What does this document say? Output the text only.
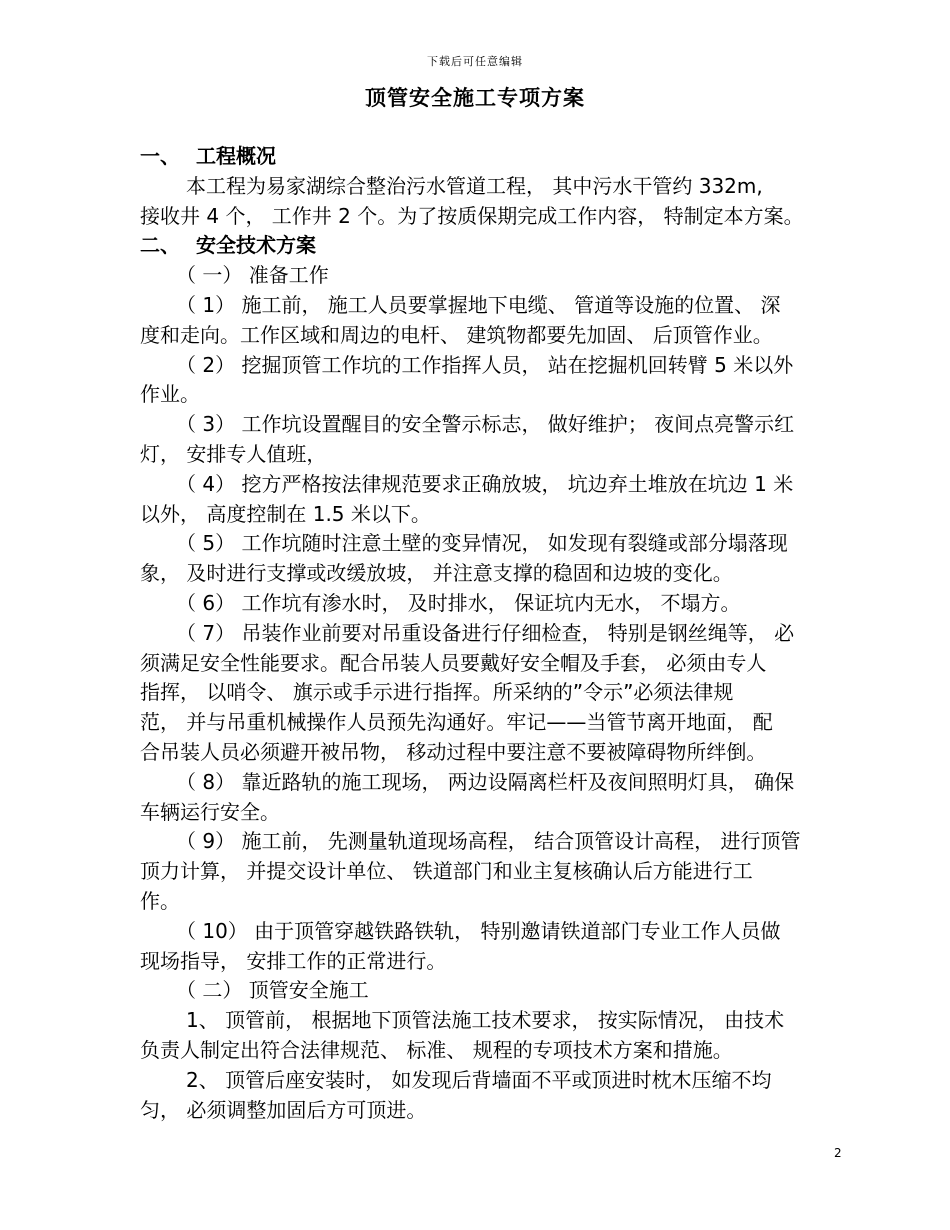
下载后可任意编辑
顶管安全施工专项方案
一、 工程概况
本工程为易家湖综合整治污水管道工程， 其中污水干管约 332m,
接收井 4 个， 工作井 2 个。为了按质保期完成工作内容， 特制定本方案。
二、 安全技术方案
（ 一） 准备工作
（ 1） 施工前， 施工人员要掌握地下电缆、 管道等设施的位置、 深
度和走向。工作区域和周边的电杆、 建筑物都要先加固、 后顶管作业。
（ 2） 挖掘顶管工作坑的工作指挥人员， 站在挖掘机回转臂 5 米以外
作业。
（ 3） 工作坑设置醒目的安全警示标志， 做好维护； 夜间点亮警示红
灯， 安排专人值班，
（ 4） 挖方严格按法律规范要求正确放坡， 坑边弃土堆放在坑边 1 米
以外， 高度控制在 1.5 米以下。
（ 5） 工作坑随时注意土壁的变异情况， 如发现有裂缝或部分塌落现
象， 及时进行支撑或改缓放坡， 并注意支撑的稳固和边坡的变化。
（ 6） 工作坑有渗水时， 及时排水， 保证坑内无水， 不塌方。
（ 7） 吊装作业前要对吊重设备进行仔细检查， 特别是钢丝绳等， 必
须满足安全性能要求。配合吊装人员要戴好安全帽及手套， 必须由专人
指挥， 以哨令、 旗示或手示进行指挥。所采纳的”令示”必须法律规
范， 并与吊重机械操作人员预先沟通好。牢记——当管节离开地面， 配
合吊装人员必须避开被吊物， 移动过程中要注意不要被障碍物所绊倒。
（ 8） 靠近路轨的施工现场， 两边设隔离栏杆及夜间照明灯具， 确保
车辆运行安全。
（ 9） 施工前， 先测量轨道现场高程， 结合顶管设计高程， 进行顶管
顶力计算， 并提交设计单位、 铁道部门和业主复核确认后方能进行工
作。
（ 10） 由于顶管穿越铁路铁轨， 特别邀请铁道部门专业工作人员做
现场指导， 安排工作的正常进行。
（ 二） 顶管安全施工
1、 顶管前， 根据地下顶管法施工技术要求， 按实际情况， 由技术
负责人制定出符合法律规范、 标准、 规程的专项技术方案和措施。
2、 顶管后座安装时， 如发现后背墙面不平或顶进时枕木压缩不均
匀， 必须调整加固后方可顶进。
2
